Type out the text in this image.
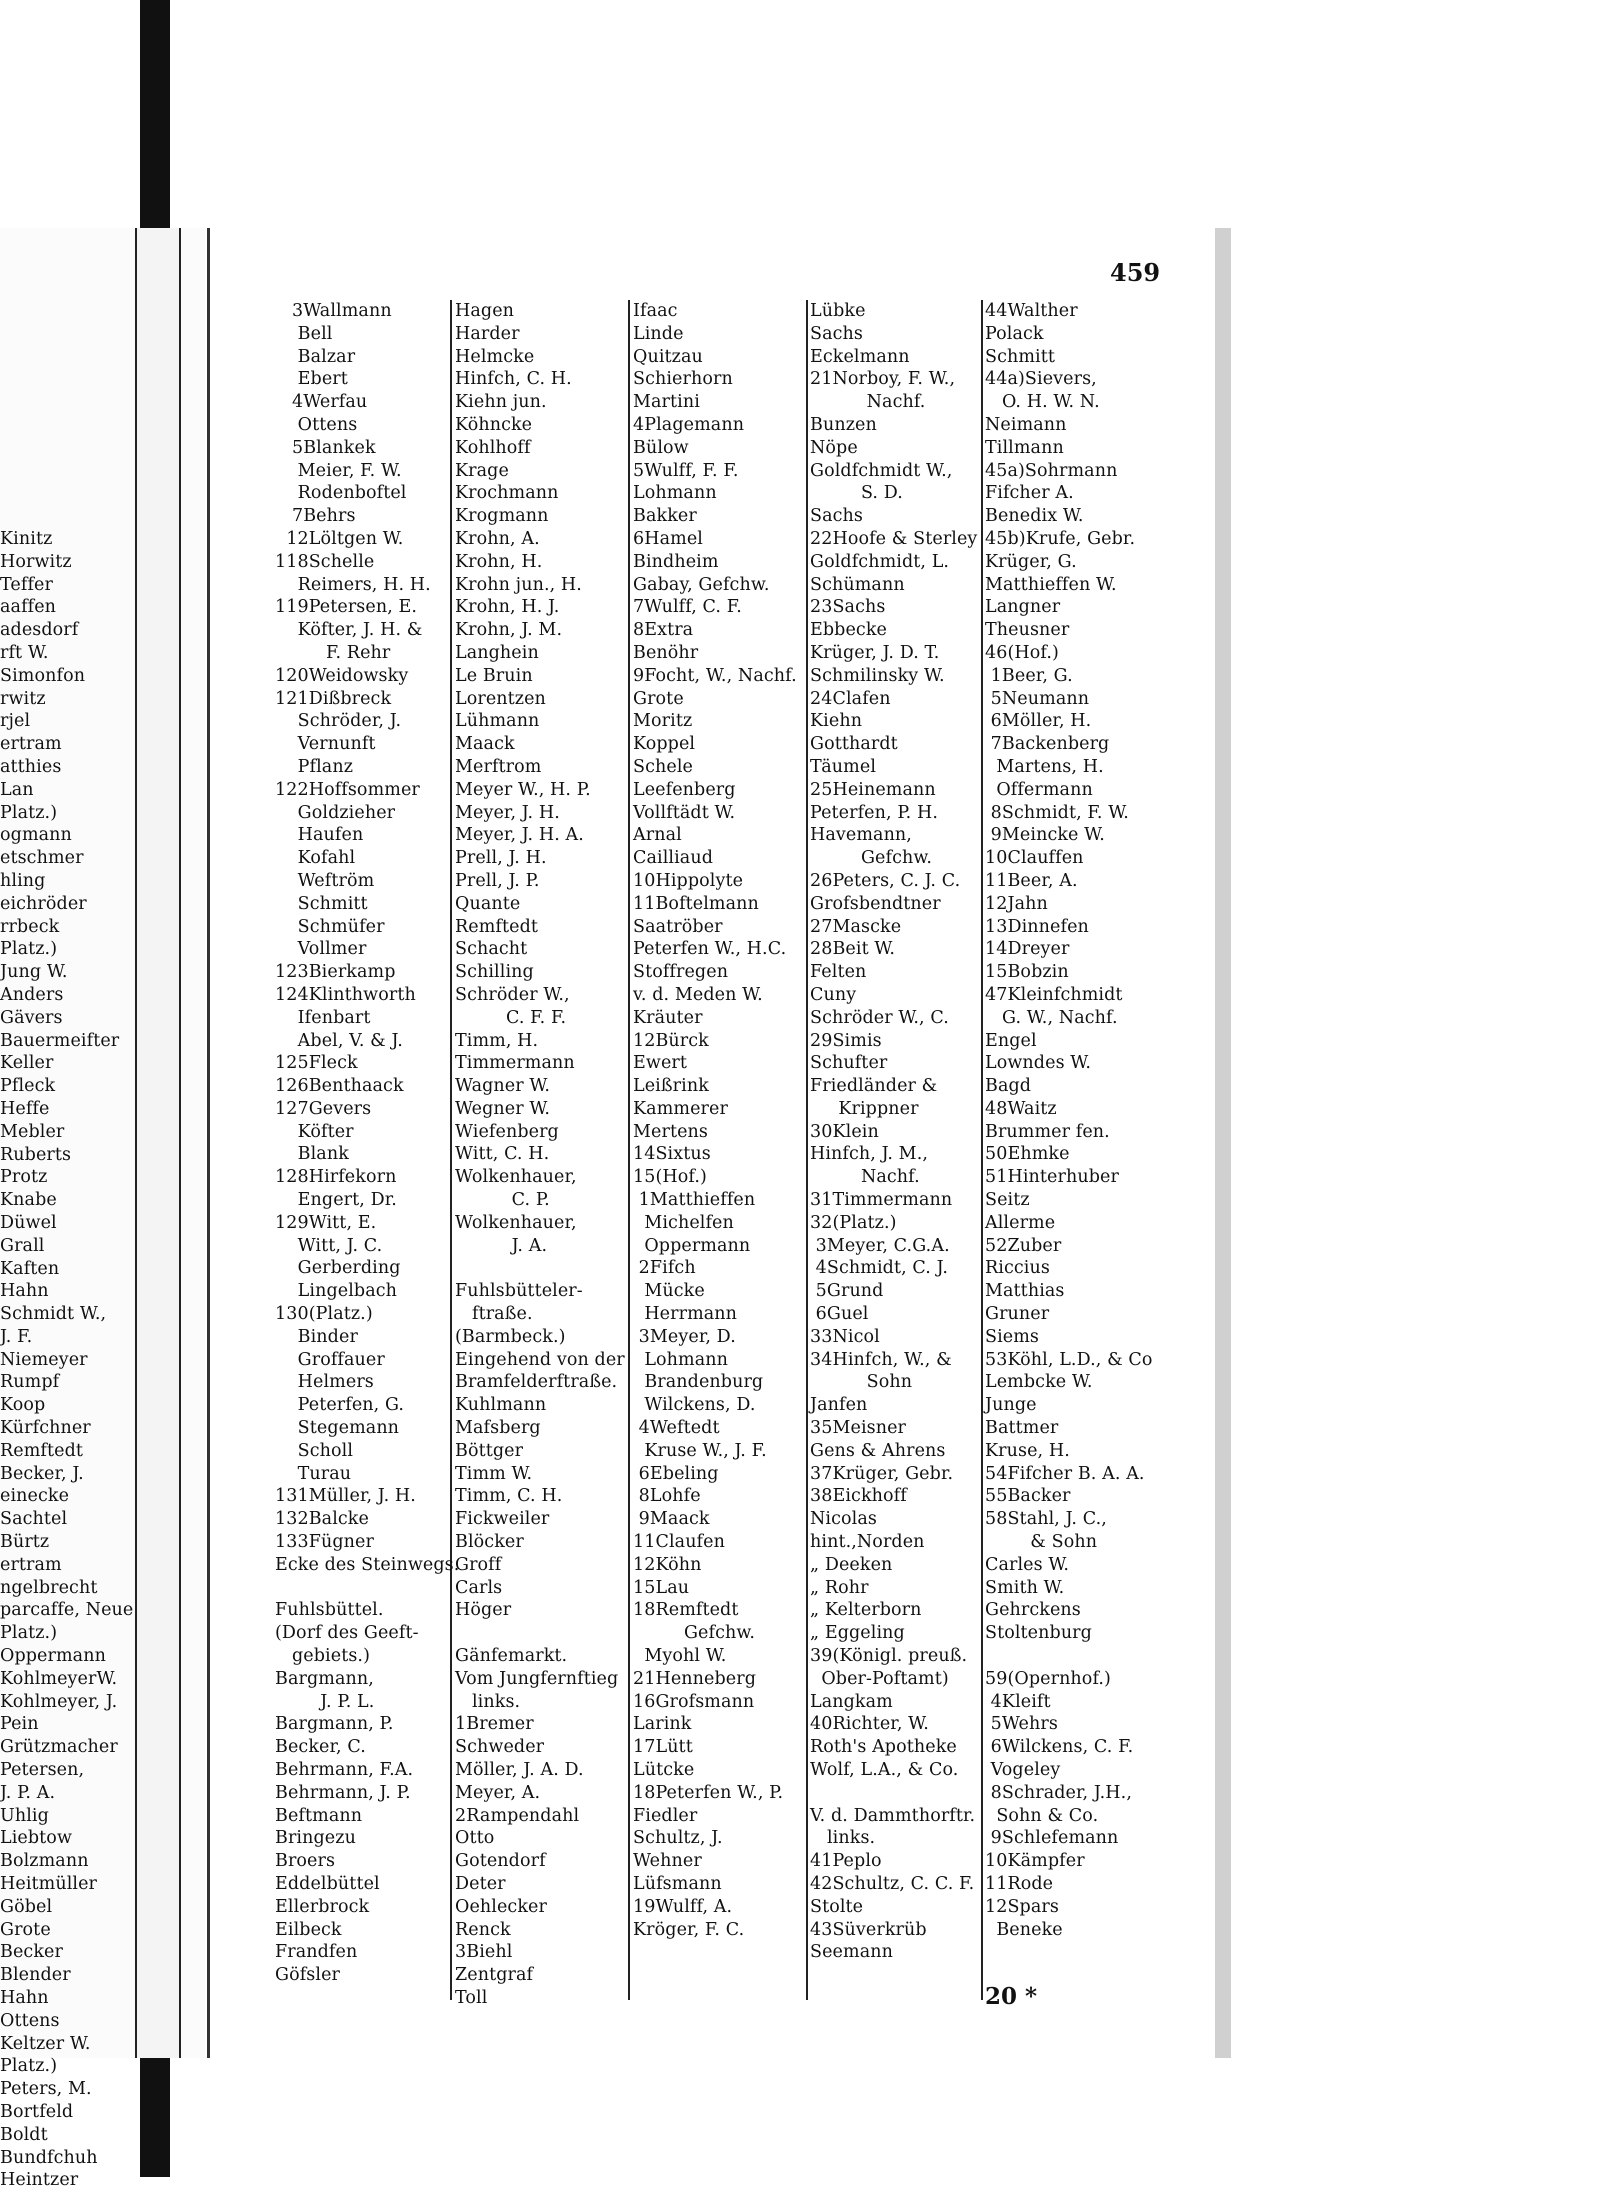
Kinitz
Horwitz
Teffer
aaffen
adesdorf
rft W.
Simonfon
rwitz
rjel
ertram
atthies
Lan
Platz.)
ogmann
etschmer
hling
eichröder
rrbeck
Platz.)
Jung W.
Anders
Gävers
Bauermeifter
Keller
Pfleck
Heffe
Mebler
Ruberts
Protz
Knabe
Düwel
Grall
Kaften
Hahn
Schmidt W.,
J. F.
Niemeyer
Rumpf
Koop
Kürfchner
Remftedt
Becker, J.
einecke
Sachtel
Bürtz
ertram
ngelbrecht
parcaffe, Neue
Platz.)
Oppermann
KohlmeyerW.
Kohlmeyer, J.
Pein
Grützmacher
Petersen,
J. P. A.
Uhlig
Liebtow
Bolzmann
Heitmüller
Göbel
Grote
Becker
Blender
Hahn
Ottens
Keltzer W.
Platz.)
Peters, M.
Bortfeld
Boldt
Bundfchuh
Heintzer
459
3Wallmann
Bell
Balzar
Ebert
4Werfau
Ottens
5Blankek
Meier, F. W.
Rodenboftel
7Behrs
12Löltgen W.
118Schelle
Reimers, H. H.
119Petersen, E.
Köfter, J. H. &
F. Rehr
120Weidowsky
121Dißbreck
Schröder, J.
Vernunft
Pflanz
122Hoffsommer
Goldzieher
Haufen
Kofahl
Weftröm
Schmitt
Schmüfer
Vollmer
123Bierkamp
124Klinthworth
Ifenbart
Abel, V. & J.
125Fleck
126Benthaack
127Gevers
Köfter
Blank
128Hirfekorn
Engert, Dr.
129Witt, E.
Witt, J. C.
Gerberding
Lingelbach
130(Platz.)
Binder
Groffauer
Helmers
Peterfen, G.
Stegemann
Scholl
Turau
131Müller, J. H.
132Balcke
133Fügner
Ecke des Steinwegs.
Fuhlsbüttel.
(Dorf des Geeft-
gebiets.)
Bargmann,
J. P. L.
Bargmann, P.
Becker, C.
Behrmann, F.A.
Behrmann, J. P.
Beftmann
Bringezu
Broers
Eddelbüttel
Ellerbrock
Eilbeck
Frandfen
Göfsler
Hagen
Harder
Helmcke
Hinfch, C. H.
Kiehn jun.
Köhncke
Kohlhoff
Krage
Krochmann
Krogmann
Krohn, A.
Krohn, H.
Krohn jun., H.
Krohn, H. J.
Krohn, J. M.
Langhein
Le Bruin
Lorentzen
Lühmann
Maack
Merftrom
Meyer W., H. P.
Meyer, J. H.
Meyer, J. H. A.
Prell, J. H.
Prell, J. P.
Quante
Remftedt
Schacht
Schilling
Schröder W.,
C. F. F.
Timm, H.
Timmermann
Wagner W.
Wegner W.
Wiefenberg
Witt, C. H.
Wolkenhauer,
C. P.
Wolkenhauer,
J. A.
Fuhlsbütteler-
ftraße.
(Barmbeck.)
Eingehend von der
Bramfelderftraße.
Kuhlmann
Mafsberg
Böttger
Timm W.
Timm, C. H.
Fickweiler
Blöcker
Groff
Carls
Höger
Gänfemarkt.
Vom Jungfernftieg
links.
1Bremer
Schweder
Möller, J. A. D.
Meyer, A.
2Rampendahl
Otto
Gotendorf
Deter
Oehlecker
Renck
3Biehl
Zentgraf
Toll
Ifaac
Linde
Quitzau
Schierhorn
Martini
4Plagemann
Bülow
5Wulff, F. F.
Lohmann
Bakker
6Hamel
Bindheim
Gabay, Gefchw.
7Wulff, C. F.
8Extra
Benöhr
9Focht, W., Nachf.
Grote
Moritz
Koppel
Schele
Leefenberg
Vollftädt W.
Arnal
Cailliaud
10Hippolyte
11Boftelmann
Saatröber
Peterfen W., H.C.
Stoffregen
v. d. Meden W.
Kräuter
12Bürck
Ewert
Leißrink
Kammerer
Mertens
14Sixtus
15(Hof.)
1Matthieffen
Michelfen
Oppermann
2Fifch
Mücke
Herrmann
3Meyer, D.
Lohmann
Brandenburg
Wilckens, D.
4Weftedt
Kruse W., J. F.
6Ebeling
8Lohfe
9Maack
11Claufen
12Köhn
15Lau
18Remftedt
Gefchw.
Myohl W.
21Henneberg
16Grofsmann
Larink
17Lütt
Lütcke
18Peterfen W., P.
Fiedler
Schultz, J.
Wehner
Lüfsmann
19Wulff, A.
Kröger, F. C.
Lübke
Sachs
Eckelmann
21Norboy, F. W.,
Nachf.
Bunzen
Nöpe
Goldfchmidt W.,
S. D.
Sachs
22Hoofe & Sterley
Goldfchmidt, L.
Schümann
23Sachs
Ebbecke
Krüger, J. D. T.
Schmilinsky W.
24Clafen
Kiehn
Gotthardt
Täumel
25Heinemann
Peterfen, P. H.
Havemann,
Gefchw.
26Peters, C. J. C.
Grofsbendtner
27Mascke
28Beit W.
Felten
Cuny
Schröder W., C.
29Simis
Schufter
Friedländer &
Krippner
30Klein
Hinfch, J. M.,
Nachf.
31Timmermann
32(Platz.)
3Meyer, C.G.A.
4Schmidt, C. J.
5Grund
6Guel
33Nicol
34Hinfch, W., &
Sohn
Janfen
35Meisner
Gens & Ahrens
37Krüger, Gebr.
38Eickhoff
Nicolas
hint.,Norden
„ Deeken
„ Rohr
„ Kelterborn
„ Eggeling
39(Königl. preuß.
Ober-Poftamt)
Langkam
40Richter, W.
Roth's Apotheke
Wolf, L.A., & Co.
V. d. Dammthorftr.
links.
41Peplo
42Schultz, C. C. F.
Stolte
43Süverkrüb
Seemann
44Walther
Polack
Schmitt
44a)Sievers,
O. H. W. N.
Neimann
Tillmann
45a)Sohrmann
Fifcher A.
Benedix W.
45b)Krufe, Gebr.
Krüger, G.
Matthieffen W.
Langner
Theusner
46(Hof.)
1Beer, G.
5Neumann
6Möller, H.
7Backenberg
Martens, H.
Offermann
8Schmidt, F. W.
9Meincke W.
10Clauffen
11Beer, A.
12Jahn
13Dinnefen
14Dreyer
15Bobzin
47Kleinfchmidt
G. W., Nachf.
Engel
Lowndes W.
Bagd
48Waitz
Brummer fen.
50Ehmke
51Hinterhuber
Seitz
Allerme
52Zuber
Riccius
Matthias
Gruner
Siems
53Köhl, L.D., & Co
Lembcke W.
Junge
Battmer
Kruse, H.
54Fifcher B. A. A.
55Backer
58Stahl, J. C.,
& Sohn
Carles W.
Smith W.
Gehrckens
Stoltenburg
59(Opernhof.)
4Kleift
5Wehrs
6Wilckens, C. F.
Vogeley
8Schrader, J.H.,
Sohn & Co.
9Schlefemann
10Kämpfer
11Rode
12Spars
Beneke
20 *
